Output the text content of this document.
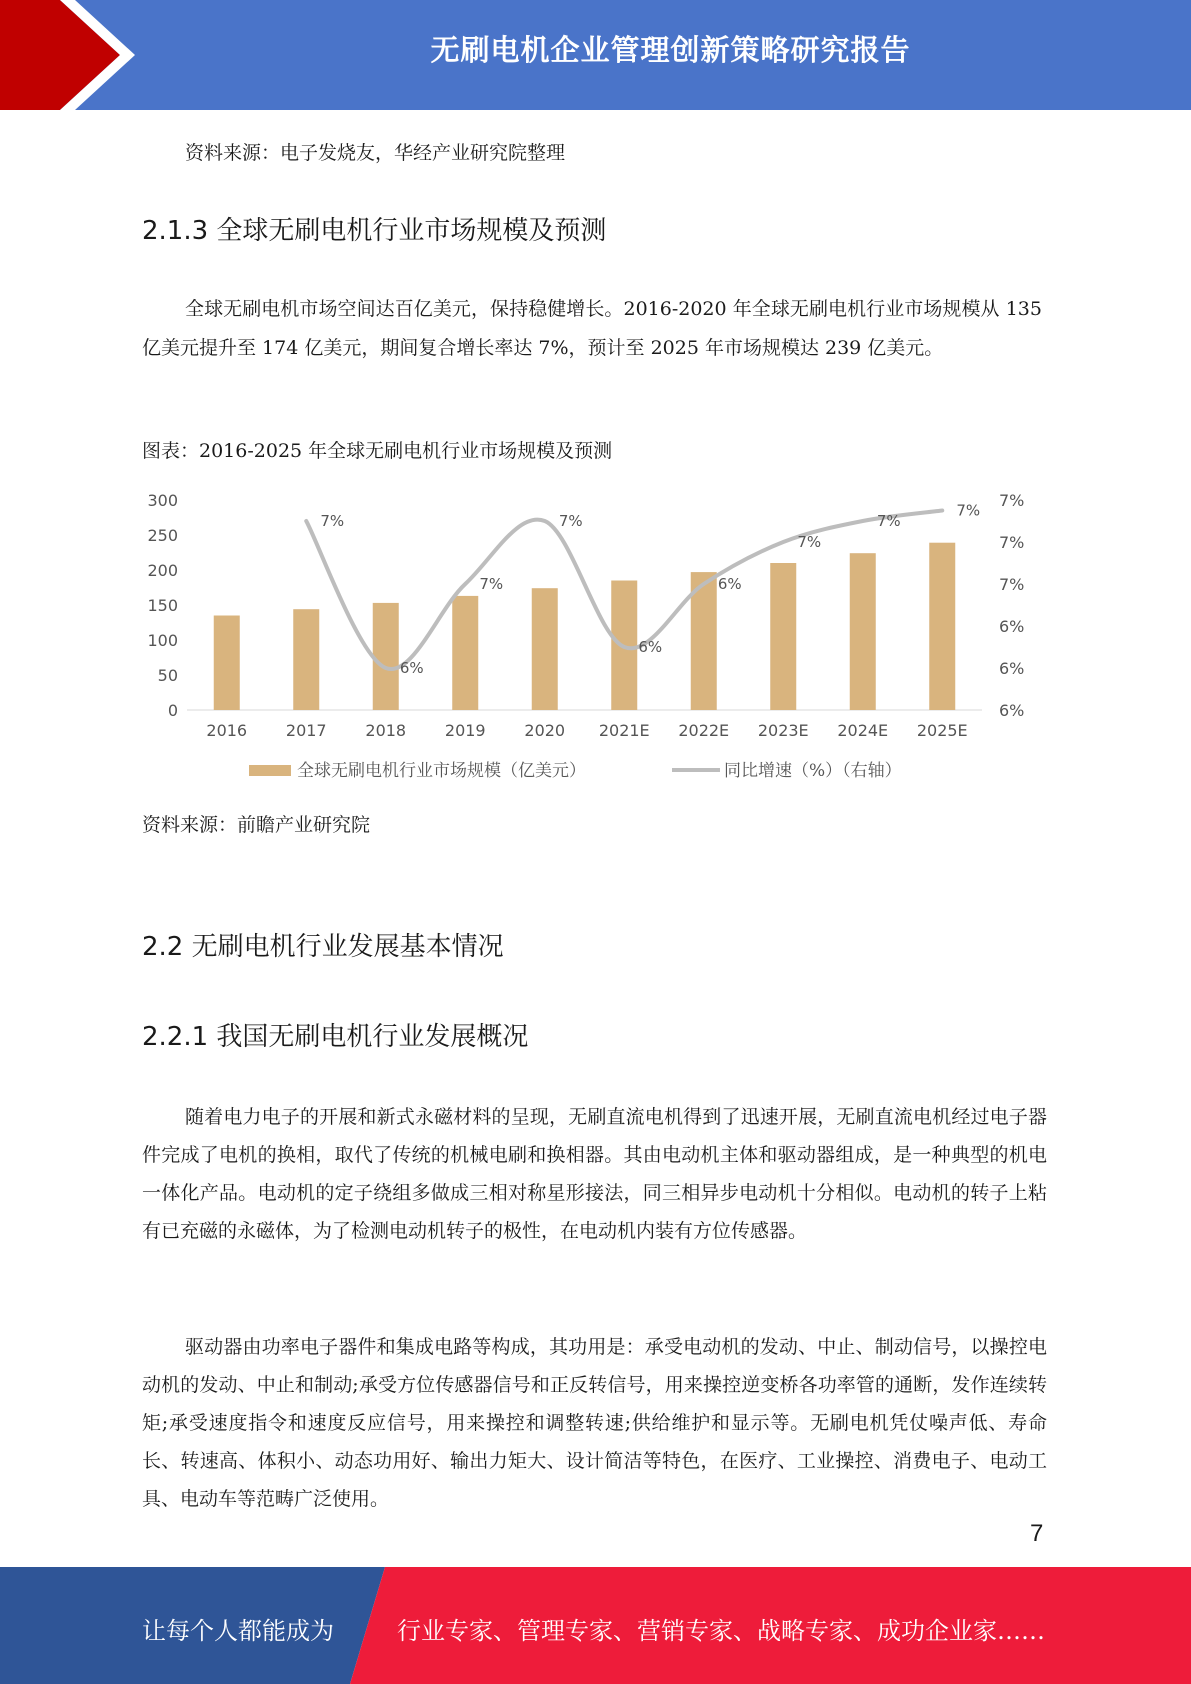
无刷电机企业管理创新策略研究报告
资料来源：电子发烧友，华经产业研究院整理
2.1.3 全球无刷电机行业市场规模及预测
全球无刷电机市场空间达百亿美元，保持稳健增长。2016-2020 年全球无刷电机行业市场规模从 135 亿美元提升至 174 亿美元，期间复合增长率达 7%，预计至 2025 年市场规模达 239 亿美元。
图表：2016-2025 年全球无刷电机行业市场规模及预测
0
50
100
150
200
250
300
6%
6%
6%
7%
7%
7%
2016 2017 2018 2019 2020 2021E 2022E 2023E 2024E 2025E
7%
6%
7%
7%
6%
6%
7%
7%
7%
全球无刷电机行业市场规模（亿美元）	同比增速（%）（右轴）
资料来源：前瞻产业研究院
2.2 无刷电机行业发展基本情况
2.2.1 我国无刷电机行业发展概况
随着电力电子的开展和新式永磁材料的呈现，无刷直流电机得到了迅速开展，无刷直流电机经过电子器件完成了电机的换相，取代了传统的机械电刷和换相器。其由电动机主体和驱动器组成，是一种典型的机电一体化产品。电动机的定子绕组多做成三相对称星形接法，同三相异步电动机十分相似。电动机的转子上粘有已充磁的永磁体，为了检测电动机转子的极性，在电动机内装有方位传感器。
驱动器由功率电子器件和集成电路等构成，其功用是：承受电动机的发动、中止、制动信号，以操控电动机的发动、中止和制动;承受方位传感器信号和正反转信号，用来操控逆变桥各功率管的通断，发作连续转矩;承受速度指令和速度反应信号，用来操控和调整转速;供给维护和显示等。无刷电机凭仗噪声低、寿命长、转速高、体积小、动态功用好、输出力矩大、设计简洁等特色，在医疗、工业操控、消费电子、电动工具、电动车等范畴广泛使用。
7
让每个人都能成为	行业专家、管理专家、营销专家、战略专家、成功企业家……
